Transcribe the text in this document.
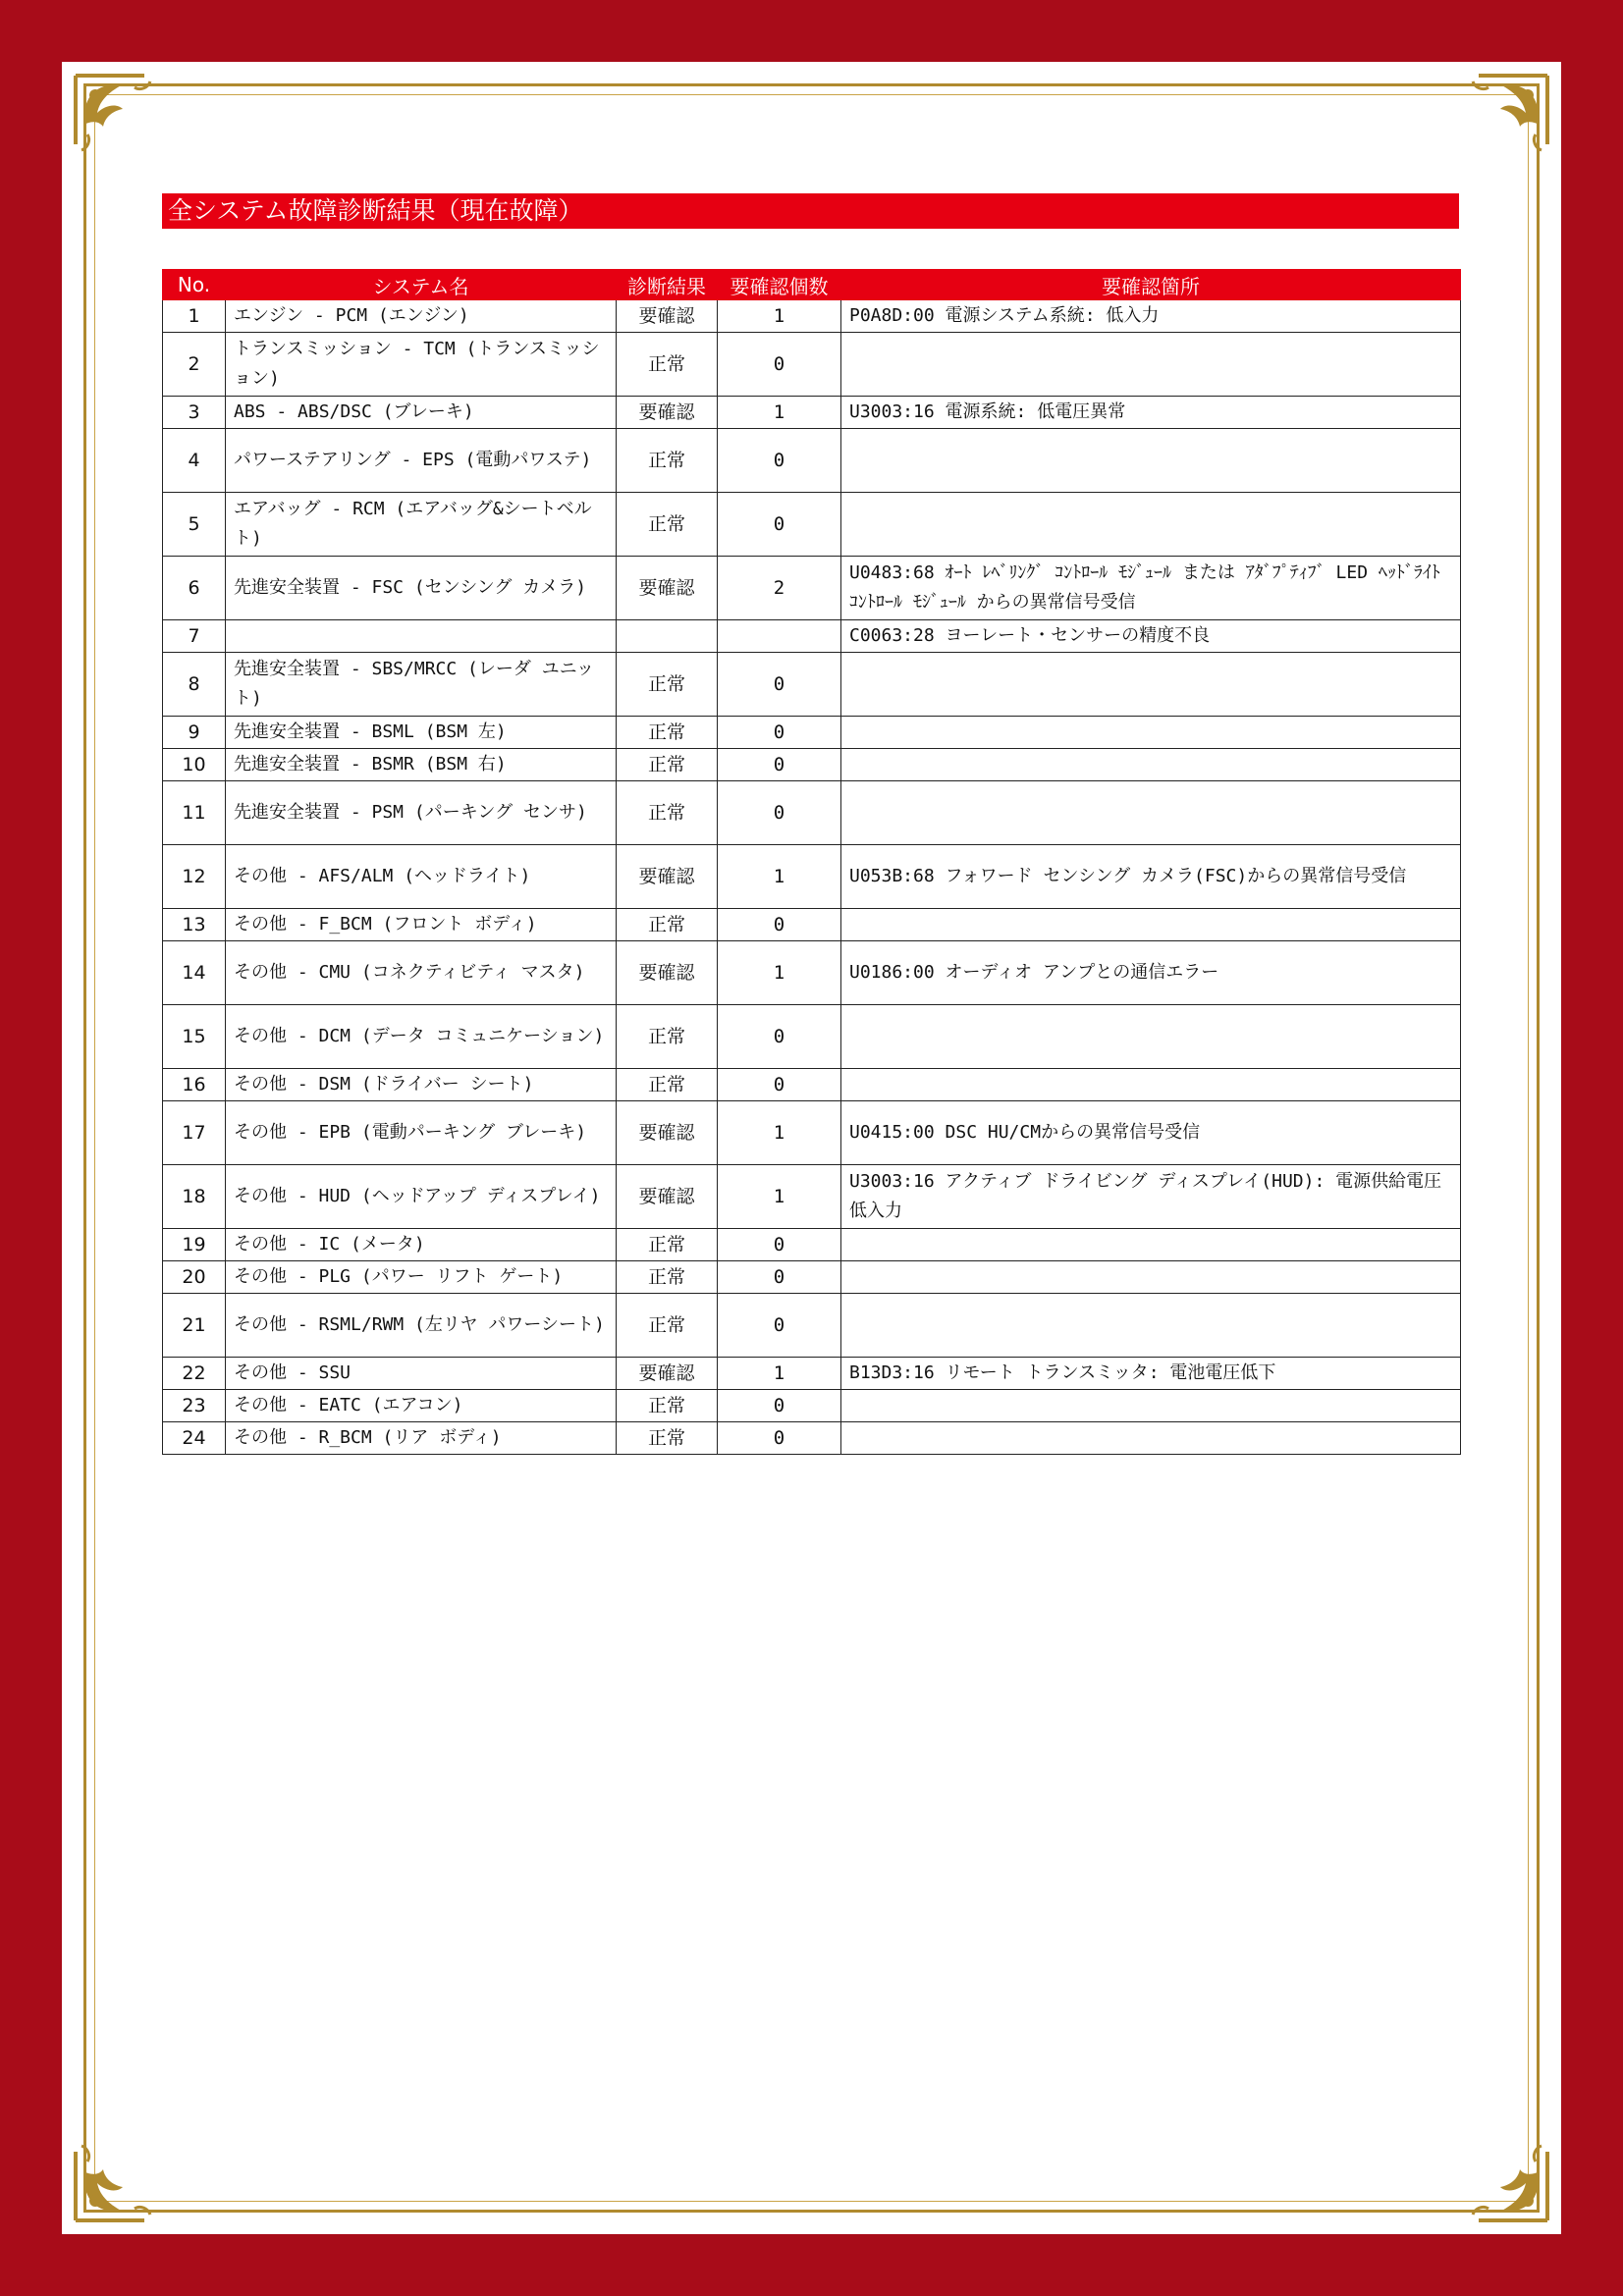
全システム故障診断結果（現在故障）
No.	システム名	診断結果	要確認個数	要確認箇所
1	エンジン - PCM (エンジン)	要確認	1	P0A8D:00 電源システム系統: 低入力
2	トランスミッション - TCM (トランスミッション)	正常	0	
3	ABS - ABS/DSC (ブレーキ)	要確認	1	U3003:16 電源系統: 低電圧異常
4	パワーステアリング - EPS (電動パワステ)	正常	0	
5	エアバッグ - RCM (エアバッグ&シートベルト)	正常	0	
6	先進安全装置 - FSC (センシング カメラ)	要確認	2	U0483:68 ｵｰﾄ ﾚﾍﾞﾘﾝｸﾞ ｺﾝﾄﾛｰﾙ ﾓｼﾞｭｰﾙ または ｱﾀﾞﾌﾟﾃｨﾌﾞ LED ﾍｯﾄﾞﾗｲﾄ ｺﾝﾄﾛｰﾙ ﾓｼﾞｭｰﾙ からの異常信号受信
7				C0063:28 ヨーレート・センサーの精度不良
8	先進安全装置 - SBS/MRCC (レーダ ユニット)	正常	0	
9	先進安全装置 - BSML (BSM 左)	正常	0	
10	先進安全装置 - BSMR (BSM 右)	正常	0	
11	先進安全装置 - PSM (パーキング センサ)	正常	0	
12	その他 - AFS/ALM (ヘッドライト)	要確認	1	U053B:68 フォワード センシング カメラ(FSC)からの異常信号受信
13	その他 - F_BCM (フロント ボディ)	正常	0	
14	その他 - CMU (コネクティビティ マスタ)	要確認	1	U0186:00 オーディオ アンプとの通信エラー
15	その他 - DCM (データ コミュニケーション)	正常	0	
16	その他 - DSM (ドライバー シート)	正常	0	
17	その他 - EPB (電動パーキング ブレーキ)	要確認	1	U0415:00 DSC HU/CMからの異常信号受信
18	その他 - HUD (ヘッドアップ ディスプレイ)	要確認	1	U3003:16 アクティブ ドライビング ディスプレイ(HUD): 電源供給電圧低入力
19	その他 - IC (メータ)	正常	0	
20	その他 - PLG (パワー リフト ゲート)	正常	0	
21	その他 - RSML/RWM (左リヤ パワーシート)	正常	0	
22	その他 - SSU	要確認	1	B13D3:16 リモート トランスミッタ: 電池電圧低下
23	その他 - EATC (エアコン)	正常	0	
24	その他 - R_BCM (リア ボディ)	正常	0	
